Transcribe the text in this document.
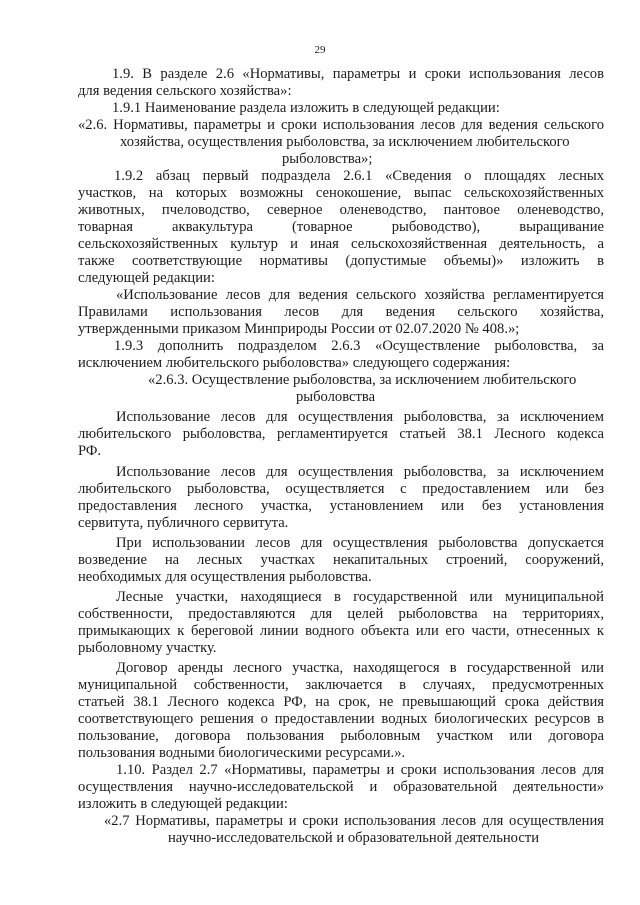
29
1.9. В разделе 2.6 «Нормативы, параметры и сроки использования лесов
для ведения сельского хозяйства»:
1.9.1 Наименование раздела изложить в следующей редакции:
«2.6. Нормативы, параметры и сроки использования лесов для ведения сельского
хозяйства, осуществления рыболовства, за исключением любительского
рыболовства»;
1.9.2 абзац первый подраздела 2.6.1 «Сведения о площадях лесных
участков, на которых возможны сенокошение, выпас сельскохозяйственных
животных, пчеловодство, северное оленеводство, пантовое оленеводство,
товарная аквакультура (товарное рыбоводство), выращивание
сельскохозяйственных культур и иная сельскохозяйственная деятельность, а
также соответствующие нормативы (допустимые объемы)» изложить в
следующей редакции:
«Использование лесов для ведения сельского хозяйства регламентируется
Правилами использования лесов для ведения сельского хозяйства,
утвержденными приказом Минприроды России от 02.07.2020 № 408.»;
1.9.3 дополнить подразделом 2.6.3 «Осуществление рыболовства, за
исключением любительского рыболовства» следующего содержания:
«2.6.3. Осуществление рыболовства, за исключением любительского
рыболовства
Использование лесов для осуществления рыболовства, за исключением
любительского рыболовства, регламентируется статьей 38.1 Лесного кодекса
РФ.
Использование лесов для осуществления рыболовства, за исключением
любительского рыболовства, осуществляется с предоставлением или без
предоставления лесного участка, установлением или без установления
сервитута, публичного сервитута.
При использовании лесов для осуществления рыболовства допускается
возведение на лесных участках некапитальных строений, сооружений,
необходимых для осуществления рыболовства.
Лесные участки, находящиеся в государственной или муниципальной
собственности, предоставляются для целей рыболовства на территориях,
примыкающих к береговой линии водного объекта или его части, отнесенных к
рыболовному участку.
Договор аренды лесного участка, находящегося в государственной или
муниципальной собственности, заключается в случаях, предусмотренных
статьей 38.1 Лесного кодекса РФ, на срок, не превышающий срока действия
соответствующего решения о предоставлении водных биологических ресурсов в
пользование, договора пользования рыболовным участком или договора
пользования водными биологическими ресурсами.».
1.10. Раздел 2.7 «Нормативы, параметры и сроки использования лесов для
осуществления научно-исследовательской и образовательной деятельности»
изложить в следующей редакции:
«2.7 Нормативы, параметры и сроки использования лесов для осуществления
научно-исследовательской и образовательной деятельности
